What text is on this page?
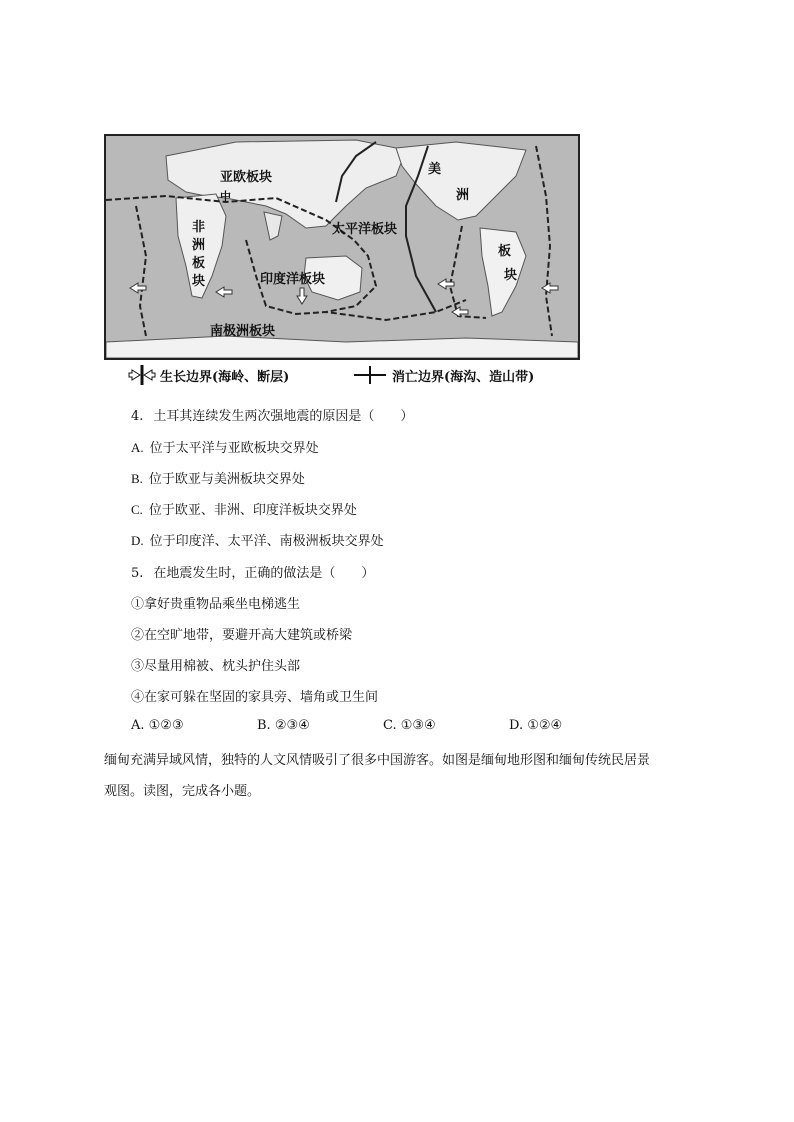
亚欧板块
太平洋板块
印度洋板块
南极洲板块
中
非
洲
板
块
美
洲
板
块
生长边界(海岭、断层)	消亡边界(海沟、造山带)
4. 土耳其连续发生两次强地震的原因是（　　）
A. 位于太平洋与亚欧板块交界处
B. 位于欧亚与美洲板块交界处
C. 位于欧亚、非洲、印度洋板块交界处
D. 位于印度洋、太平洋、南极洲板块交界处
5. 在地震发生时，正确的做法是（　　）
①拿好贵重物品乘坐电梯逃生
②在空旷地带，要避开高大建筑或桥梁
③尽量用棉被、枕头护住头部
④在家可躲在坚固的家具旁、墙角或卫生间
A. ①②③	B. ②③④	C. ①③④	D. ①②④
缅甸充满异域风情，独特的人文风情吸引了很多中国游客。如图是缅甸地形图和缅甸传统民居景
观图。读图，完成各小题。
